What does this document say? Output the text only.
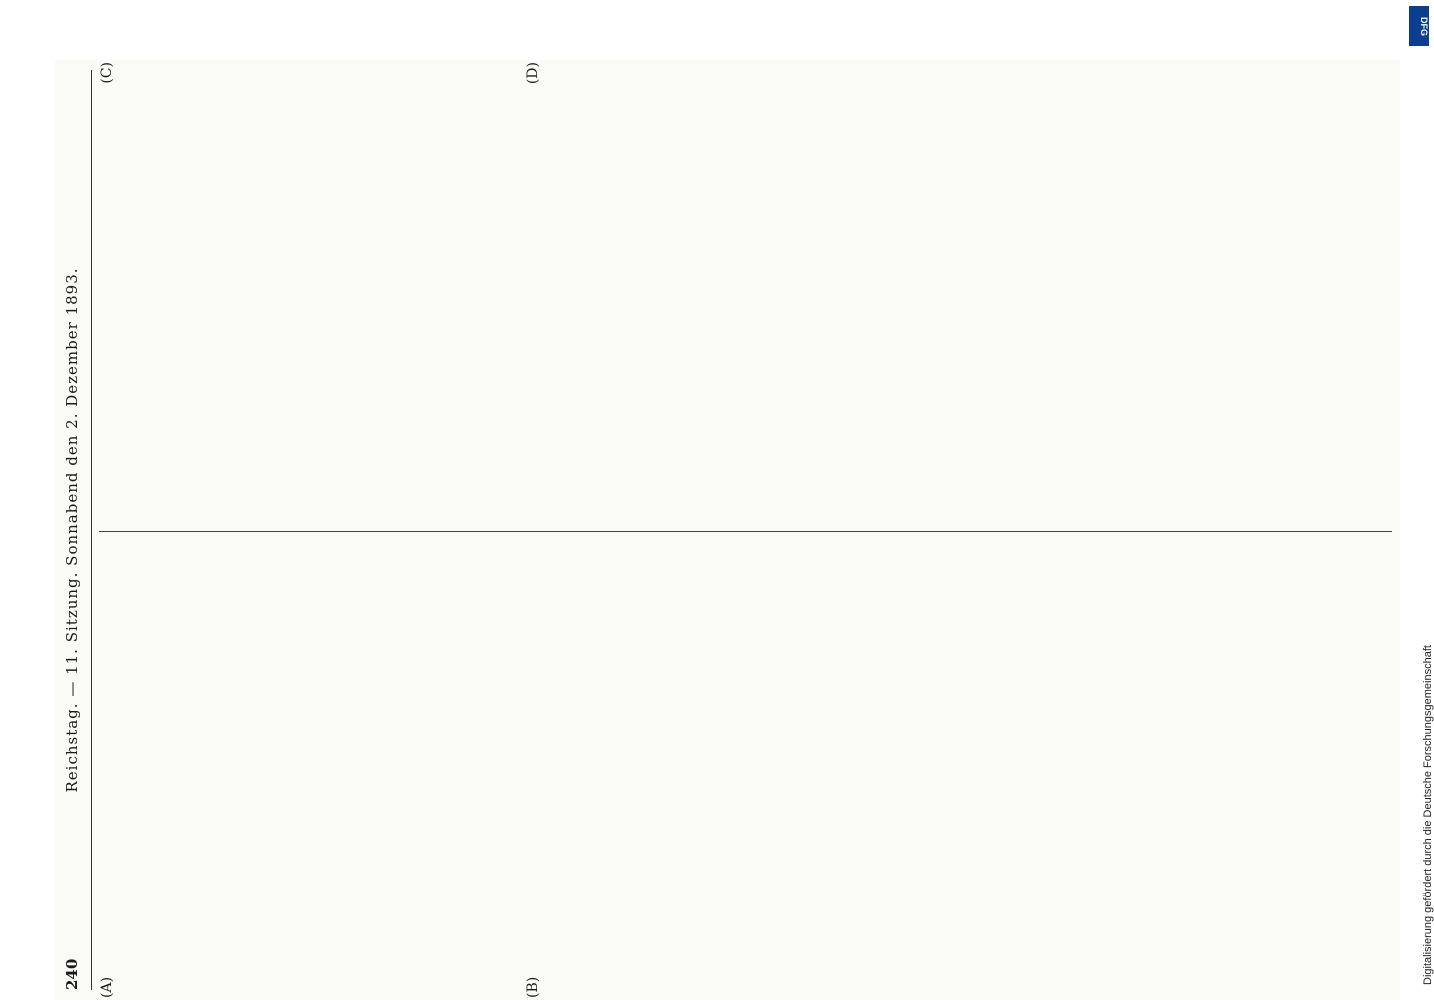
240
Reichstag. — 11. Sitzung. Sonnabend den 2. Dezember 1893.
(A)	(B)
(C)	(D)
Digitalisierung gefördert durch die Deutsche Forschungsgemeinschaft
DFG
